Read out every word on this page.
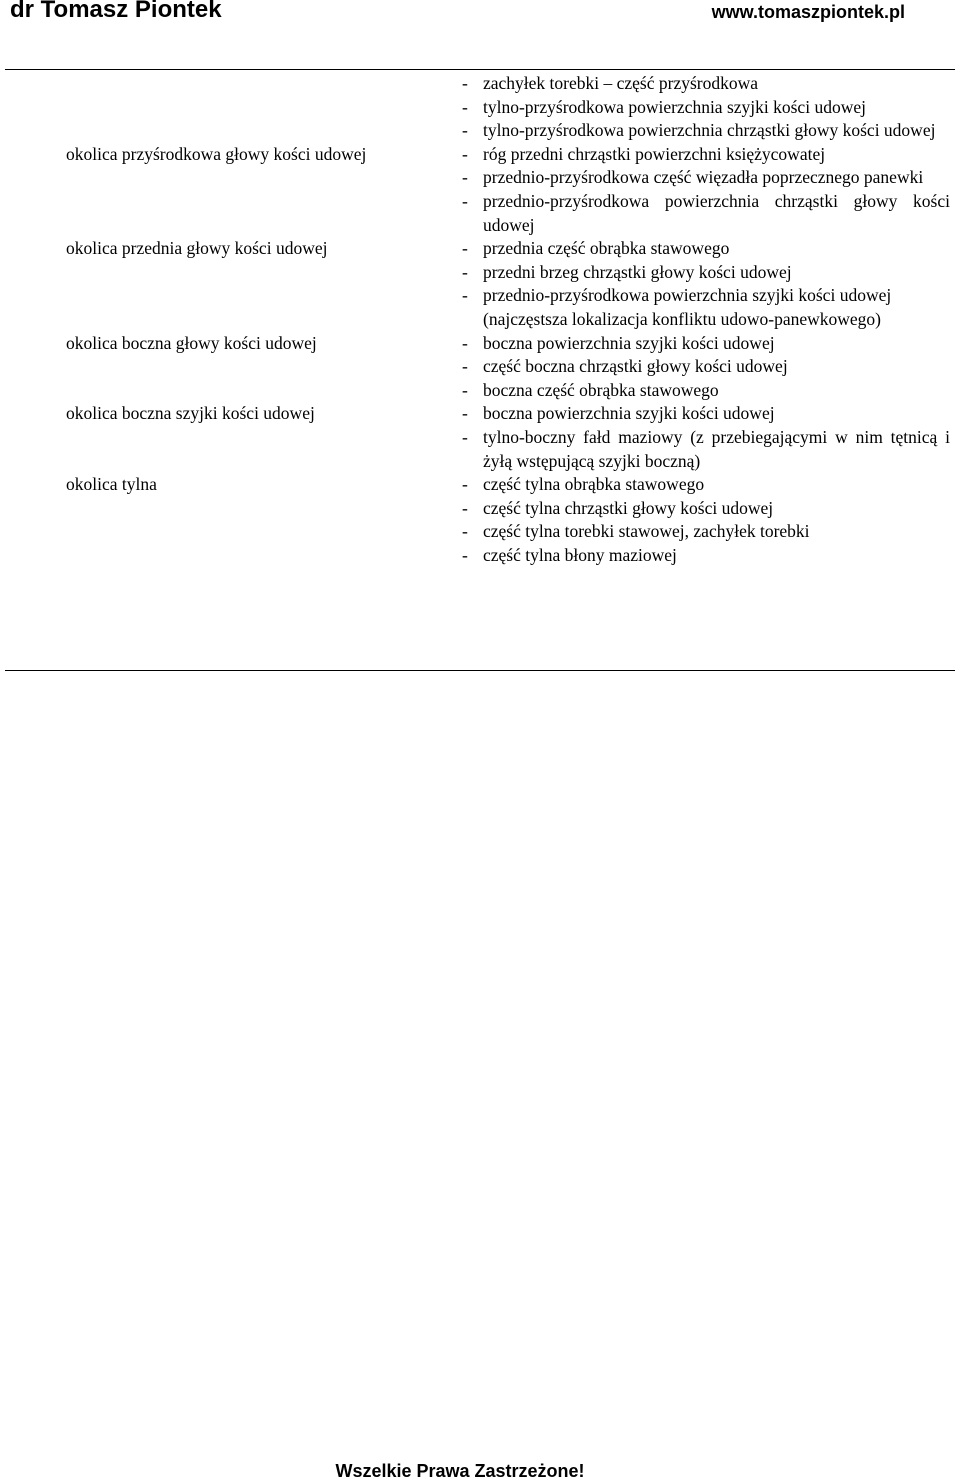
dr Tomasz Piontek	www.tomaszpiontek.pl
- zachyłek torebki – część przyśrodkowa
- tylno-przyśrodkowa powierzchnia szyjki kości udowej
- tylno-przyśrodkowa powierzchnia chrząstki głowy kości udowej
okolica przyśrodkowa głowy kości udowej	- róg przedni chrząstki powierzchni księżycowatej
- przednio-przyśrodkowa część więzadła poprzecznego panewki
- przednio-przyśrodkowa powierzchnia chrząstki głowy kości udowej
okolica przednia głowy kości udowej	- przednia część obrąbka stawowego
- przedni brzeg chrząstki głowy kości udowej
- przednio-przyśrodkowa powierzchnia szyjki kości udowej
(najczęstsza lokalizacja konfliktu udowo-panewkowego)
okolica boczna głowy kości udowej	- boczna powierzchnia szyjki kości udowej
- część boczna chrząstki głowy kości udowej
- boczna część obrąbka stawowego
okolica boczna szyjki kości udowej	- boczna powierzchnia szyjki kości udowej
- tylno-boczny fałd maziowy (z przebiegającymi w nim tętnicą i żyłą wstępującą szyjki boczną)
okolica tylna	- część tylna obrąbka stawowego
- część tylna chrząstki głowy kości udowej
- część tylna torebki stawowej, zachyłek torebki
- część tylna błony maziowej
Wszelkie Prawa Zastrzeżone!
